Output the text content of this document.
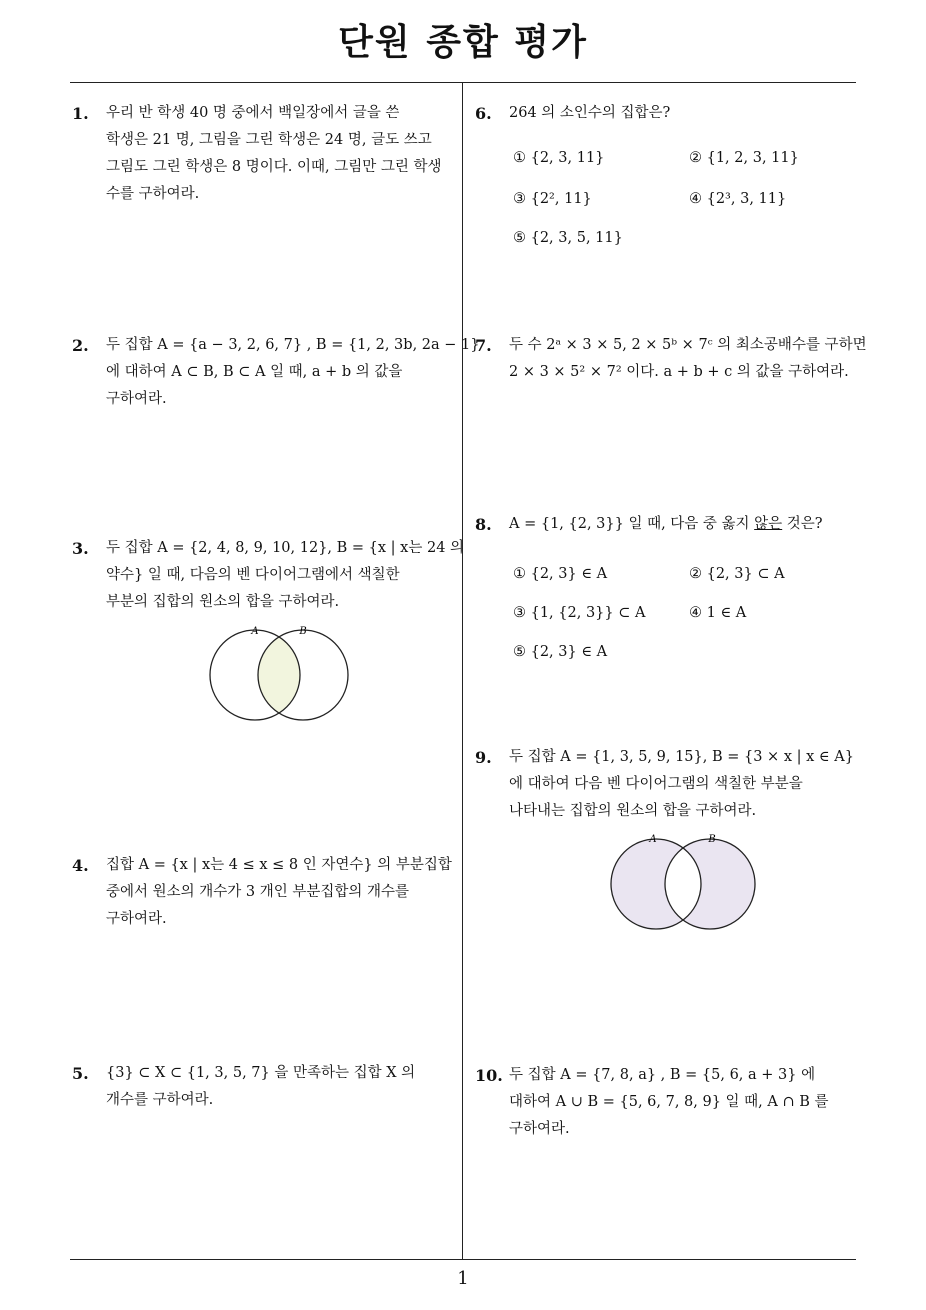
단원 종합 평가
1
1. 우리 반 학생 40 명 중에서 백일장에서 글을 쓴
학생은 21 명, 그림을 그린 학생은 24 명, 글도 쓰고
그림도 그린 학생은 8 명이다. 이때, 그림만 그린 학생
수를 구하여라.
2. 두 집합 A = {a − 3, 2, 6, 7} , B = {1, 2, 3b, 2a − 1}
에 대하여 A ⊂ B, B ⊂ A 일 때, a + b 의 값을
구하여라.
3. 두 집합 A = {2, 4, 8, 9, 10, 12}, B = {x | x는 24 의
약수} 일 때, 다음의 벤 다이어그램에서 색칠한
부분의 집합의 원소의 합을 구하여라.
A	B
4. 집합 A = {x | x는 4 ≤ x ≤ 8 인 자연수} 의 부분집합
중에서 원소의 개수가 3 개인 부분집합의 개수를
구하여라.
5. {3} ⊂ X ⊂ {1, 3, 5, 7} 을 만족하는 집합 X 의
개수를 구하여라.
6. 264 의 소인수의 집합은?
① {2, 3, 11}	② {1, 2, 3, 11}
③ {2², 11}	④ {2³, 3, 11}
⑤ {2, 3, 5, 11}
7. 두 수 2ᵃ × 3 × 5, 2 × 5ᵇ × 7ᶜ 의 최소공배수를 구하면
2 × 3 × 5² × 7² 이다. a + b + c 의 값을 구하여라.
8. A = {1, {2, 3}} 일 때, 다음 중 옳지 않은 것은?
① {2, 3} ∈ A	② {2, 3} ⊂ A
③ {1, {2, 3}} ⊂ A	④ 1 ∈ A
⑤ {2, 3} ∈ A
9. 두 집합 A = {1, 3, 5, 9, 15}, B = {3 × x | x ∈ A}
에 대하여 다음 벤 다이어그램의 색칠한 부분을
나타내는 집합의 원소의 합을 구하여라.
A	B
10. 두 집합 A = {7, 8, a} , B = {5, 6, a + 3} 에
대하여 A ∪ B = {5, 6, 7, 8, 9} 일 때, A ∩ B 를
구하여라.
